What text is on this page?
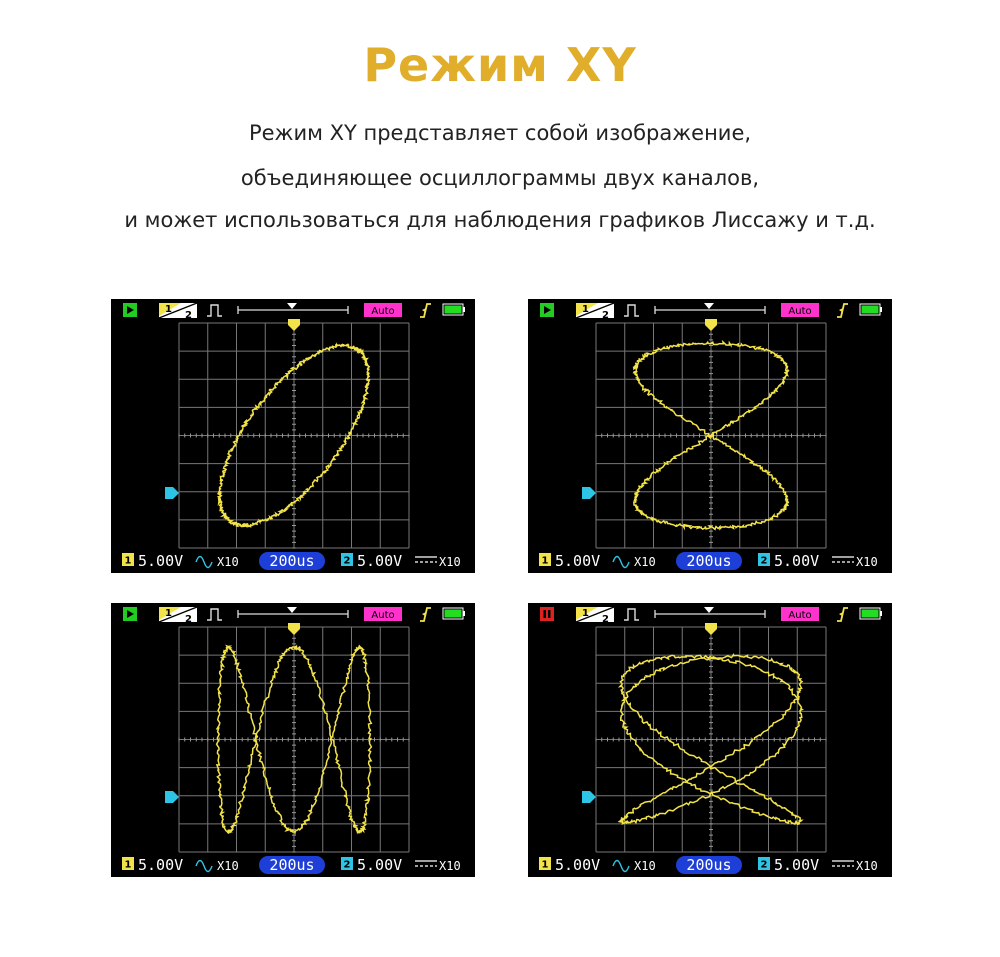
Режим XY
Режим XY представляет собой изображение,
объединяющее осциллограммы двух каналов,
и может использоваться для наблюдения графиков Лиссажу и т.д.
1
2	Auto
1 5.00V	X10 200us	2 5.00V	X10
1
2	Auto
1 5.00V	X10 200us	2 5.00V	X10
1
2	Auto
1 5.00V	X10 200us	2 5.00V	X10
1
2	Auto
1 5.00V	X10 200us	2 5.00V	X10
